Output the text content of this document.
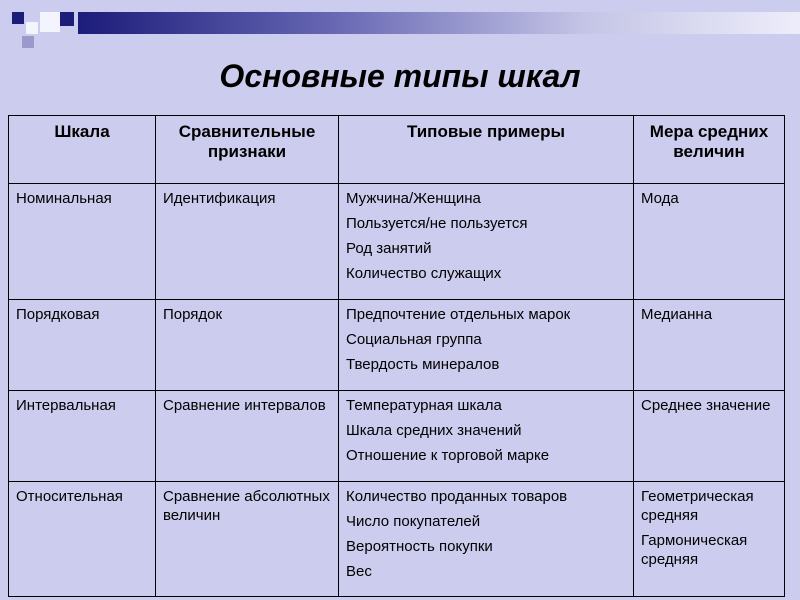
Основные типы шкал
Шкала	Сравнительные признаки	Типовые примеры	Мера средних величин
Номинальная	Идентификация	Мужчина/Женщина
Пользуется/не пользуется
Род занятий
Количество служащих	Мода

Порядковая	Порядок	Предпочтение отдельных марок
Социальная группа
Твердость минералов	Медианна

Интервальная	Сравнение интервалов	Температурная шкала
Шкала средних значений
Отношение к торговой марке	Среднее значение

Относительная	Сравнение абсолютных величин	Количество проданных товаров
Число покупателей
Вероятность покупки
Вес	Геометрическая средняя
Гармоническая средняя
